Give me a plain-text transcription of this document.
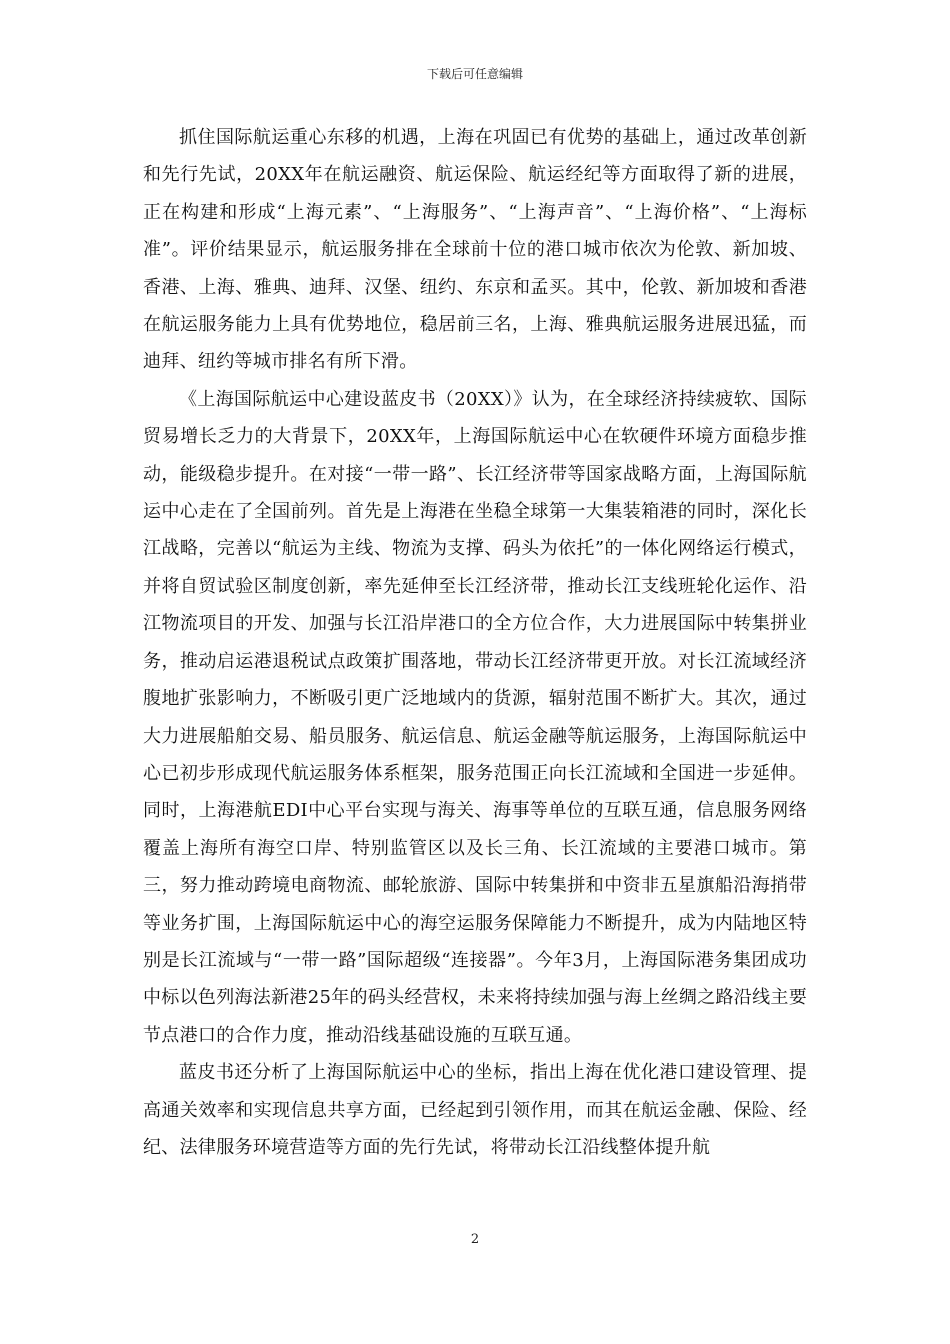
下载后可任意编辑

抓住国际航运重心东移的机遇，上海在巩固已有优势的基础上，通过改革创新和先行先试，20XX年在航运融资、航运保险、航运经纪等方面取得了新的进展，正在构建和形成“上海元素”、“上海服务”、“上海声音”、“上海价格”、“上海标准”。评价结果显示，航运服务排在全球前十位的港口城市依次为伦敦、新加坡、香港、上海、雅典、迪拜、汉堡、纽约、东京和孟买。其中，伦敦、新加坡和香港在航运服务能力上具有优势地位，稳居前三名，上海、雅典航运服务进展迅猛，而迪拜、纽约等城市排名有所下滑。

《上海国际航运中心建设蓝皮书（20XX）》认为，在全球经济持续疲软、国际贸易增长乏力的大背景下，20XX年，上海国际航运中心在软硬件环境方面稳步推动，能级稳步提升。在对接“一带一路”、长江经济带等国家战略方面，上海国际航运中心走在了全国前列。首先是上海港在坐稳全球第一大集装箱港的同时，深化长江战略，完善以“航运为主线、物流为支撑、码头为依托”的一体化网络运行模式，并将自贸试验区制度创新，率先延伸至长江经济带，推动长江支线班轮化运作、沿江物流项目的开发、加强与长江沿岸港口的全方位合作，大力进展国际中转集拼业务，推动启运港退税试点政策扩围落地，带动长江经济带更开放。对长江流域经济腹地扩张影响力，不断吸引更广泛地域内的货源，辐射范围不断扩大。其次，通过大力进展船舶交易、船员服务、航运信息、航运金融等航运服务，上海国际航运中心已初步形成现代航运服务体系框架，服务范围正向长江流域和全国进一步延伸。同时，上海港航EDI中心平台实现与海关、海事等单位的互联互通，信息服务网络覆盖上海所有海空口岸、特别监管区以及长三角、长江流域的主要港口城市。第三，努力推动跨境电商物流、邮轮旅游、国际中转集拼和中资非五星旗船沿海捎带等业务扩围，上海国际航运中心的海空运服务保障能力不断提升，成为内陆地区特别是长江流域与“一带一路”国际超级“连接器”。今年3月，上海国际港务集团成功中标以色列海法新港25年的码头经营权，未来将持续加强与海上丝绸之路沿线主要节点港口的合作力度，推动沿线基础设施的互联互通。

蓝皮书还分析了上海国际航运中心的坐标，指出上海在优化港口建设管理、提高通关效率和实现信息共享方面，已经起到引领作用，而其在航运金融、保险、经纪、法律服务环境营造等方面的先行先试，将带动长江沿线整体提升航

2
